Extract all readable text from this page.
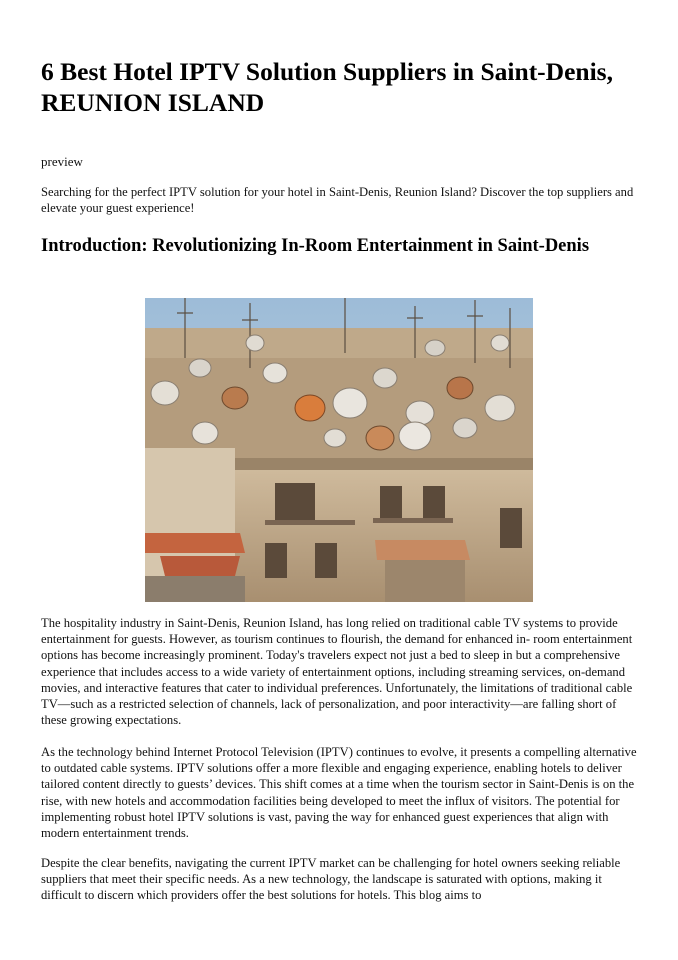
6 Best Hotel IPTV Solution Suppliers in Saint-Denis, REUNION ISLAND
preview

Searching for the perfect IPTV solution for your hotel in Saint-Denis, Reunion Island? Discover the top suppliers and elevate your guest experience!

Introduction: Revolutionizing In-Room Entertainment in Saint-Denis

The hospitality industry in Saint-Denis, Reunion Island, has long relied on traditional cable TV systems to provide entertainment for guests. However, as tourism continues to flourish, the demand for enhanced in- room entertainment options has become increasingly prominent. Today's travelers expect not just a bed to sleep in but a comprehensive experience that includes access to a wide variety of entertainment options, including streaming services, on-demand movies, and interactive features that cater to individual preferences. Unfortunately, the limitations of traditional cable TV—such as a restricted selection of channels, lack of personalization, and poor interactivity—are falling short of these growing expectations.

As the technology behind Internet Protocol Television (IPTV) continues to evolve, it presents a compelling alternative to outdated cable systems. IPTV solutions offer a more flexible and engaging experience, enabling hotels to deliver tailored content directly to guests’ devices. This shift comes at a time when the tourism sector in Saint-Denis is on the rise, with new hotels and accommodation facilities being developed to meet the influx of visitors. The potential for implementing robust hotel IPTV solutions is vast, paving the way for enhanced guest experiences that align with modern entertainment trends.

Despite the clear benefits, navigating the current IPTV market can be challenging for hotel owners seeking reliable suppliers that meet their specific needs. As a new technology, the landscape is saturated with options, making it difficult to discern which providers offer the best solutions for hotels. This blog aims to
